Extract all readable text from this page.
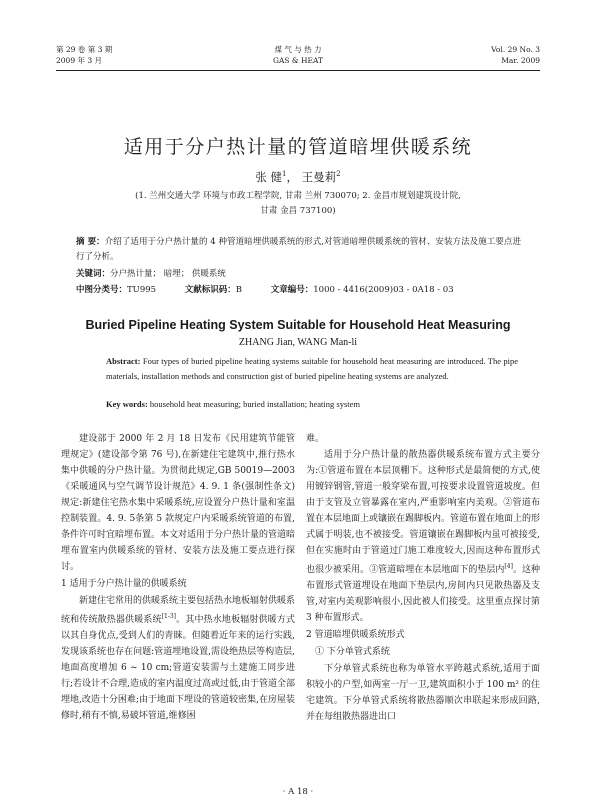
第 29 卷 第 3 期
2009 年 3 月
煤 气 与 热 力
GAS & HEAT
Vol. 29 No. 3
Mar. 2009
适用于分户热计量的管道暗埋供暖系统
张 健$^1$， 王曼莉$^2$
(1. 兰州交通大学 环境与市政工程学院, 甘肃 兰州 730070; 2. 金昌市规划建筑设计院,
甘肃 金昌 737100)
摘 要：介绍了适用于分户热计量的 4 种管道暗埋供暖系统的形式,对管道暗埋供暖系统的管材、安装方法及施工要点进行了分析。
关键词：分户热计量； 暗埋； 供暖系统
中图分类号：TU995	文献标识码：B	文章编号：1000 - 4416(2009)03 - 0A18 - 03
Buried Pipeline Heating System Suitable for Household Heat Measuring
ZHANG Jian, WANG Man-li
Abstract: Four types of buried pipeline heating systems suitable for household heat measuring are introduced. The pipe materials, installation methods and construction gist of buried pipeline heating systems are analyzed.
Key words: household heat measuring; buried installation; heating system

建设部于 2000 年 2 月 18 日发布《民用建筑节能管理规定》(建设部令第 76 号),在新建住宅建筑中,推行热水集中供暖的分户热计量。为贯彻此规定,GB 50019—2003《采暖通风与空气调节设计规范》4. 9. 1 条(强制性条文)规定:新建住宅热水集中采暖系统,应设置分户热计量和室温控制装置。4. 9. 5条第 5 款规定户内采暖系统管道的布置,条件许可时宜暗埋布置。本文对适用于分户热计量的管道暗埋布置室内供暖系统的管材、安装方法及施工要点进行探讨。

1 适用于分户热计量的供暖系统

新建住宅常用的供暖系统主要包括热水地板辐射供暖系统和传统散热器供暖系统[1-3]。其中热水地板辐射供暖方式以其自身优点,受到人们的青睐。但随着近年来的运行实践,发现该系统也存在问题:管道埋地设置,需设绝热层等构造层,地面高度增加 6 ~ 10 cm;管道安装需与土建施工同步进行;若设计不合理,造成的室内温度过高或过低,由于管道全部埋地,改造十分困难;由于地面下埋设的管道较密集,在房屋装修时,稍有不慎,易破坏管道,维修困

难。

适用于分户热计量的散热器供暖系统布置方式主要分为:①管道布置在本层顶棚下。这种形式是最简便的方式,使用镀锌钢管,管道一般穿梁布置,可按要求设置管道坡度。但由于支管及立管暴露在室内,严重影响室内美观。②管道布置在本层地面上或镶嵌在踢脚板内。管道布置在地面上的形式属于明装,也不被接受。管道镶嵌在踢脚板内虽可被接受,但在实施时由于管道过门施工难度较大,因而这种布置形式也很少被采用。③管道暗埋在本层地面下的垫层内[4]。这种布置形式管道埋设在地面下垫层内,房间内只见散热器及支管,对室内美观影响很小,因此被人们接受。这里重点探讨第 3 种布置形式。

2 管道暗埋供暖系统形式

① 下分单管式系统

下分单管式系统也称为单管水平跨越式系统,适用于面积较小的户型,如两室一厅一卫,建筑面积小于 100 m² 的住宅建筑。下分单管式系统将散热器顺次串联起来形成回路,并在每组散热器进出口

· A 18 ·
